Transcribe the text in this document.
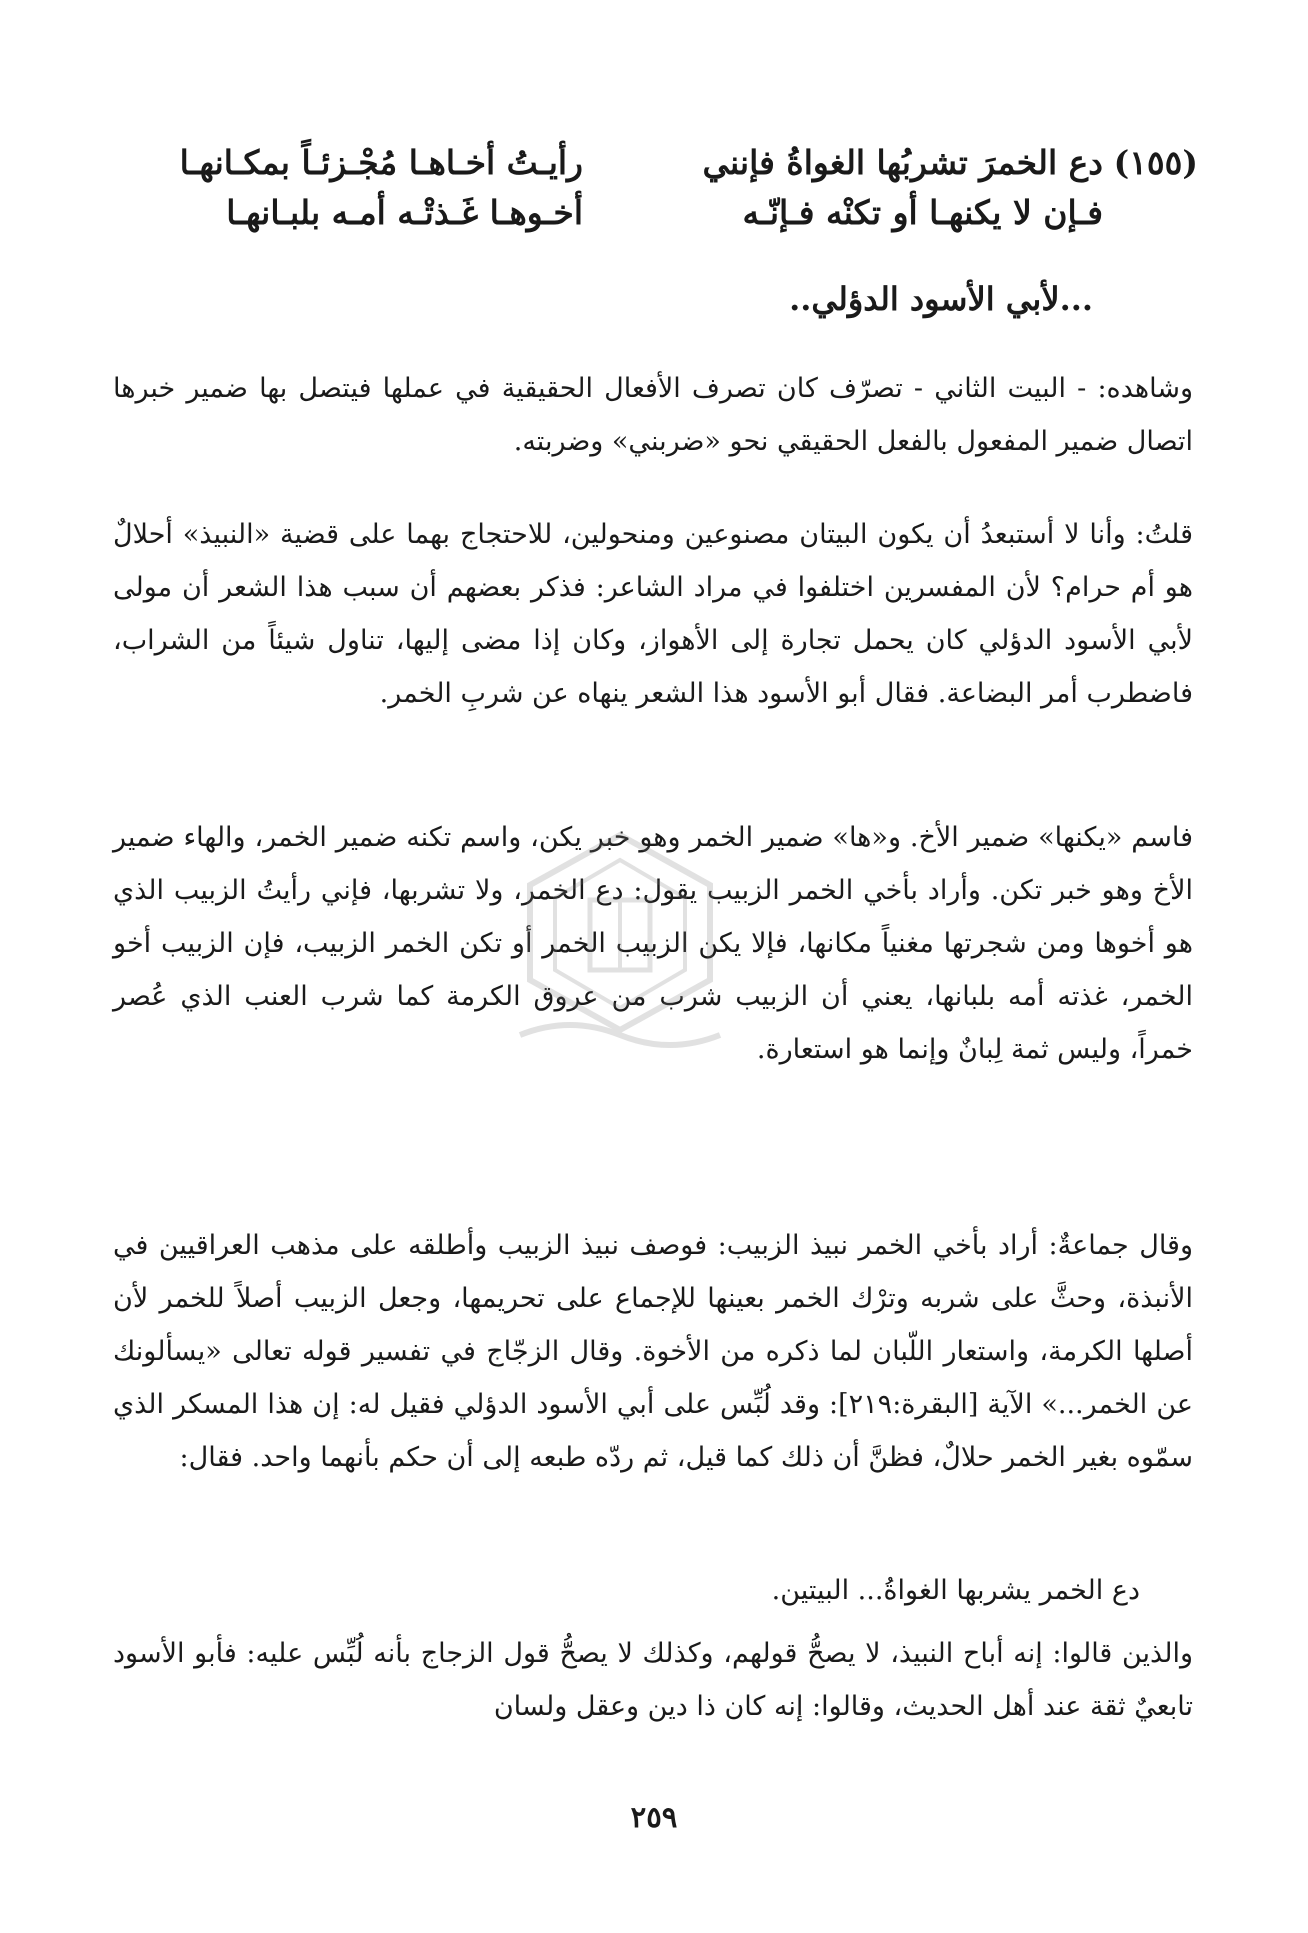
(١٥٥)
دع الخمرَ تشربُها الغواةُ فإنني
رأيـتُ أخـاهـا مُجْـزئـاً بمكـانهـا
فـإن لا يكنهـا أو تكنْه فـإنّـه
أخـوهـا غَـذتْـه أمـه بلبـانهـا
...لأبي الأسود الدؤلي..

وشاهده: - البيت الثاني - تصرّف كان تصرف الأفعال الحقيقية في عملها فيتصل بها ضمير خبرها اتصال ضمير المفعول بالفعل الحقيقي نحو «ضربني» وضربته.

قلتُ: وأنا لا أستبعدُ أن يكون البيتان مصنوعين ومنحولين، للاحتجاج بهما على قضية «النبيذ» أحلالٌ هو أم حرام؟ لأن المفسرين اختلفوا في مراد الشاعر: فذكر بعضهم أن سبب هذا الشعر أن مولى لأبي الأسود الدؤلي كان يحمل تجارة إلى الأهواز، وكان إذا مضى إليها، تناول شيئاً من الشراب، فاضطرب أمر البضاعة. فقال أبو الأسود هذا الشعر ينهاه عن شربِ الخمر.

فاسم «يكنها» ضمير الأخ. و«ها» ضمير الخمر وهو خبر يكن، واسم تكنه ضمير الخمر، والهاء ضمير الأخ وهو خبر تكن. وأراد بأخي الخمر الزبيب يقول: دع الخمر، ولا تشربها، فإني رأيتُ الزبيب الذي هو أخوها ومن شجرتها مغنياً مكانها، فإلا يكن الزبيب الخمر أو تكن الخمر الزبيب، فإن الزبيب أخو الخمر، غذته أمه بلبانها، يعني أن الزبيب شرب من عروق الكرمة كما شرب العنب الذي عُصر خمراً، وليس ثمة لِبانٌ وإنما هو استعارة.

وقال جماعةٌ: أراد بأخي الخمر نبيذ الزبيب: فوصف نبيذ الزبيب وأطلقه على مذهب العراقيين في الأنبذة، وحثَّ على شربه وترْك الخمر بعينها للإجماع على تحريمها، وجعل الزبيب أصلاً للخمر لأن أصلها الكرمة، واستعار اللّبان لما ذكره من الأخوة. وقال الزجّاج في تفسير قوله تعالى «يسألونك عن الخمر...» الآية [البقرة:٢١٩]: وقد لُبِّس على أبي الأسود الدؤلي فقيل له: إن هذا المسكر الذي سمّوه بغير الخمر حلالٌ، فظنَّ أن ذلك كما قيل، ثم ردّه طبعه إلى أن حكم بأنهما واحد. فقال:

دع الخمر يشربها الغواةُ... البيتين.

والذين قالوا: إنه أباح النبيذ، لا يصحُّ قولهم، وكذلك لا يصحُّ قول الزجاج بأنه لُبِّس عليه: فأبو الأسود تابعيٌ ثقة عند أهل الحديث، وقالوا: إنه كان ذا دين وعقل ولسان

٢٥٩
